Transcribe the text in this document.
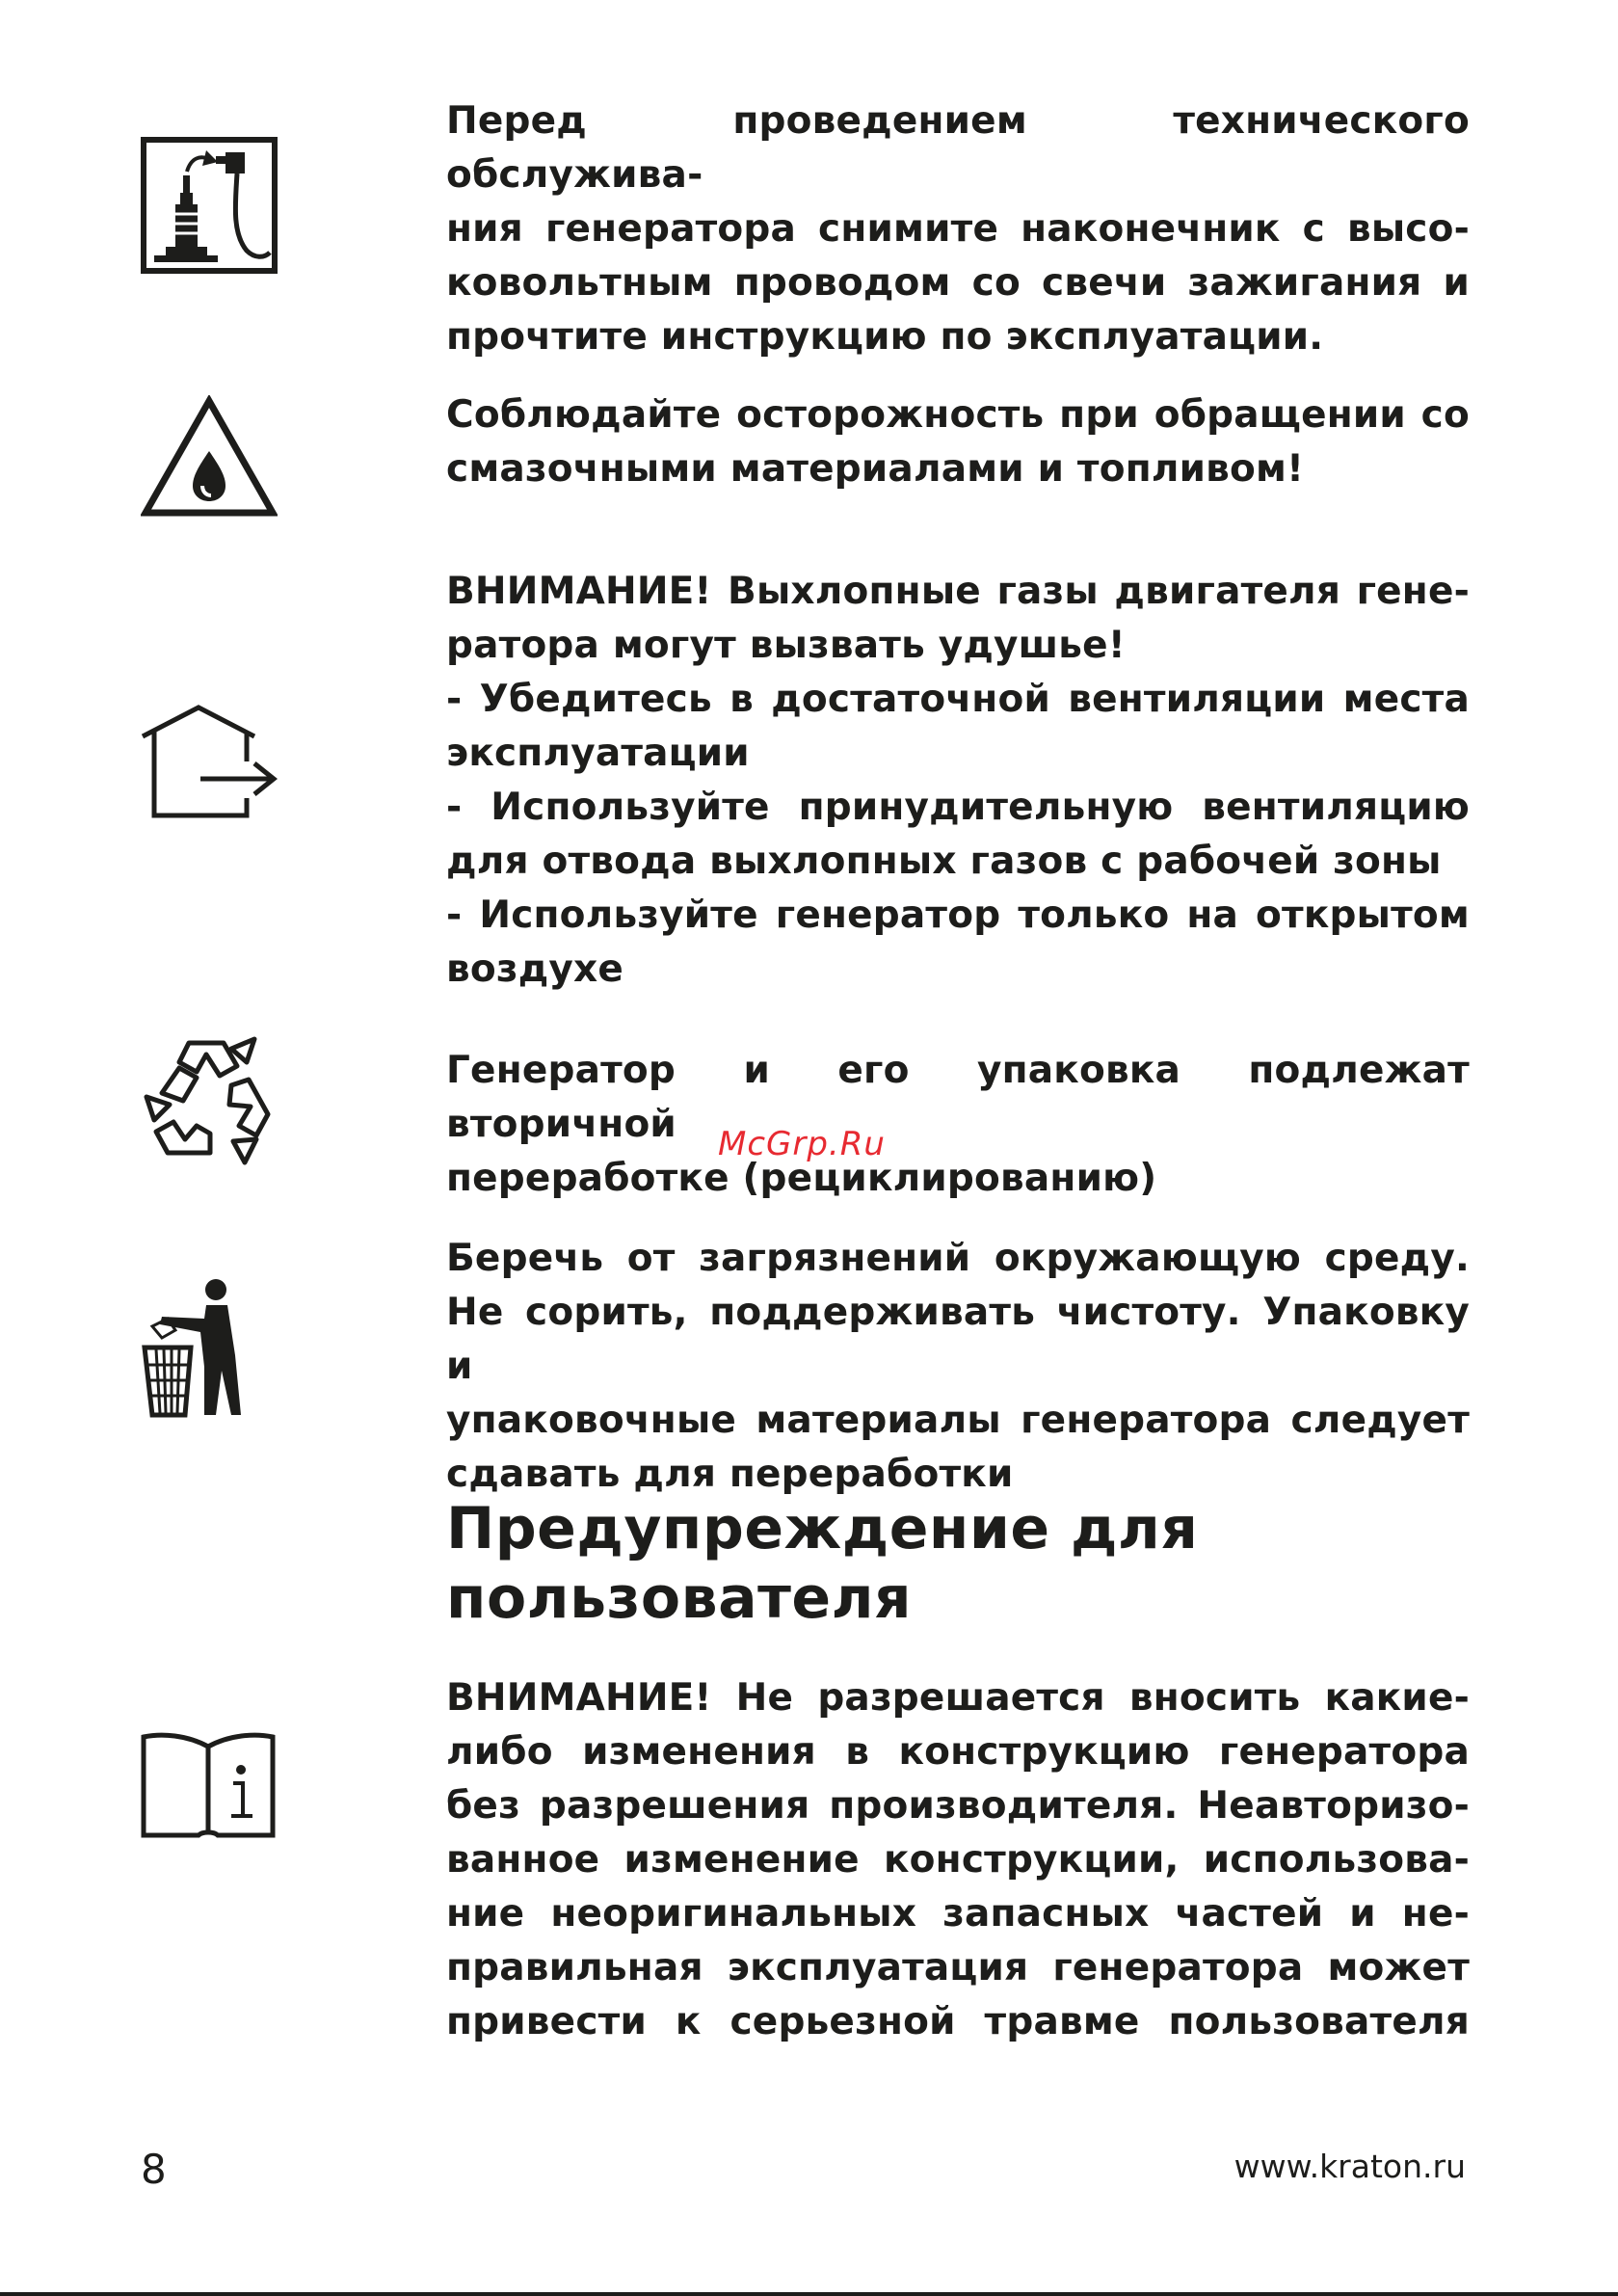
Перед проведением технического обслужива-
ния генератора снимите наконечник с высо-
ковольтным проводом со свечи зажигания и
прочтите инструкцию по эксплуатации.
Соблюдайте осторожность при обращении со
смазочными материалами и топливом!
ВНИМАНИЕ! Выхлопные газы двигателя гене-
ратора могут вызвать удушье!
- Убедитесь в достаточной вентиляции места
эксплуатации
- Используйте принудительную вентиляцию
для отвода выхлопных газов с рабочей зоны
- Используйте генератор только на открытом
воздухе
Генератор и его упаковка подлежат вторичной
переработке (рециклированию)
Беречь от загрязнений окружающую среду.
Не сорить, поддерживать чистоту. Упаковку и
упаковочные материалы генератора следует
сдавать для переработки
Предупреждение для
пользователя
ВНИМАНИЕ! Не разрешается вносить какие-
либо изменения в конструкцию генератора
без разрешения производителя. Неавторизо-
ванное изменение конструкции, использова-
ние неоригинальных запасных частей и не-
правильная эксплуатация генератора может
привести к серьезной травме пользователя
McGrp.Ru
8	www.kraton.ru
